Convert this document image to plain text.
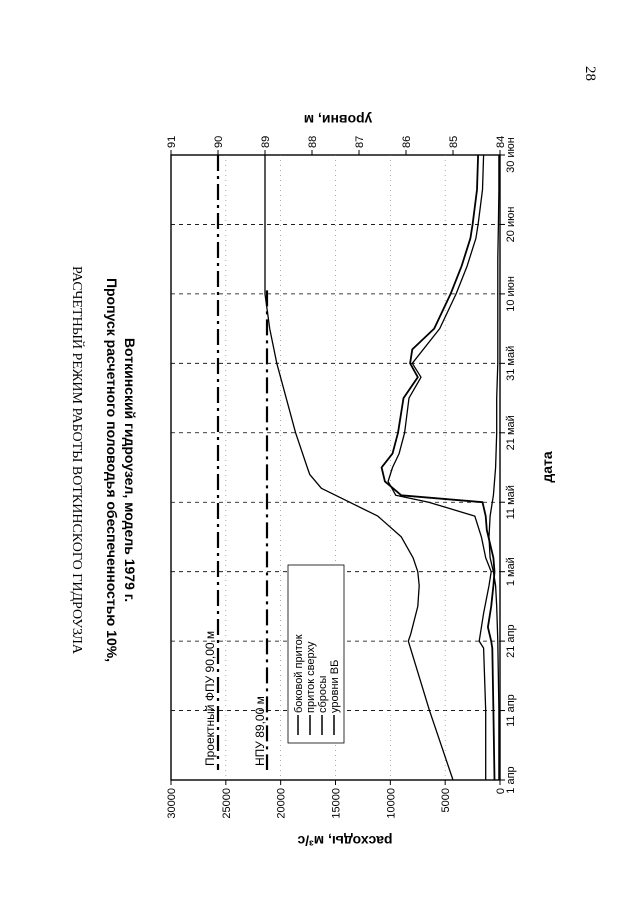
28
РАСЧЕТНЫЙ РЕЖИМ РАБОТЫ ВОТКИНСКОГО ГИДРОУЗЛА Пропуск расчетного половодья обеспеченностью 10%, Воткинский гидроузел, модель 1979 г.
Проектный ФПУ 90,00 м	НПУ 89,00 м
1 апр
11 апр
21 апр
1 май
11 май
21 май
31 май
10 июн
20 июн
30 июн
0
5000
10000
15000
20000
25000
30000
84
85
86
87
88
89
90
91
боковой приток приток сверху сбросы уровни ВБ
дата
расходы, м³/с
уровни, м
